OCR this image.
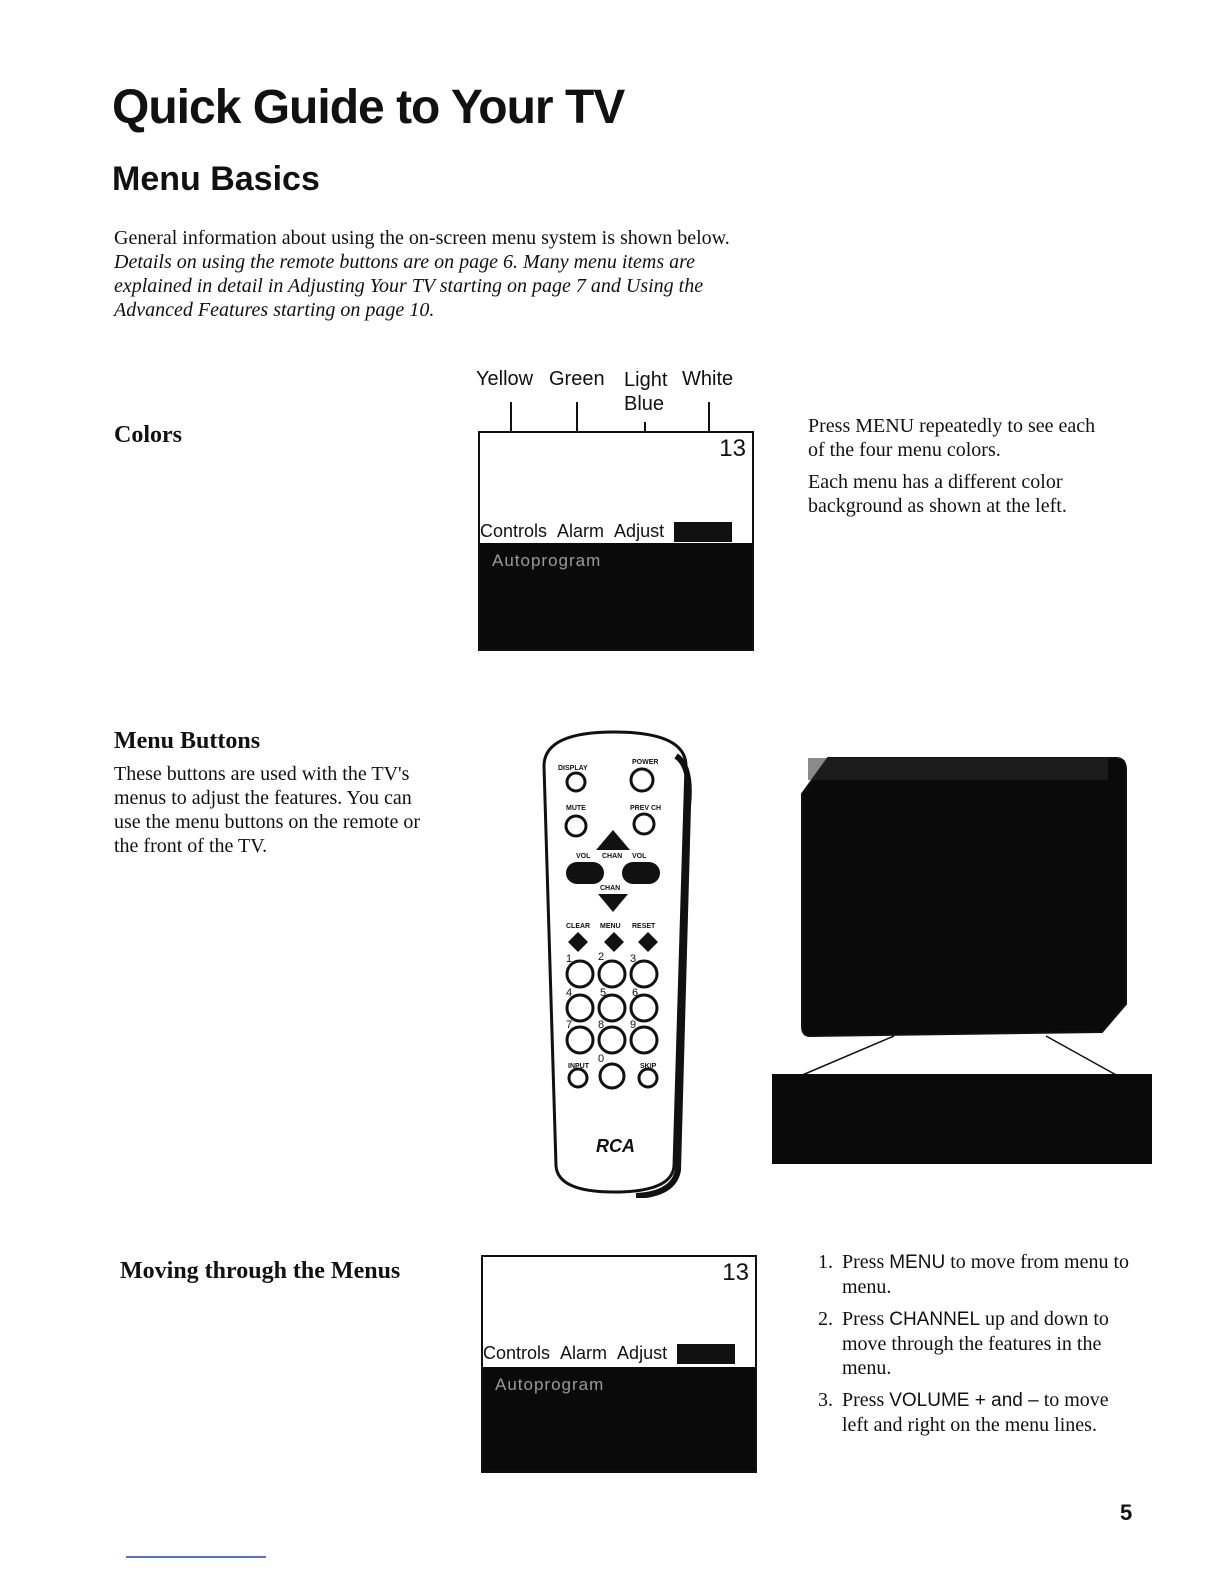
Quick Guide to Your TV
Menu Basics
General information about using the on-screen menu system is shown below. Details on using the remote buttons are on page 6. Many menu items are explained in detail in Adjusting Your TV starting on page 7 and Using the Advanced Features starting on page 10.
Colors
Yellow Green Light Blue
White
13
Controls Alarm Adjust
Autoprogram
Press MENU repeatedly to see each of the four menu colors.
Each menu has a different color background as shown at the left.
Menu Buttons
These buttons are used with the TV's menus to adjust the features. You can use the menu buttons on the remote or the front of the TV.
DISPLAY
POWER
MUTE	PREV CH
VOL CHAN VOL
CHAN
CLEAR MENU RESET
INPUT	SKIP
1 2 3
4	5 6
7 8 9
0
RCA
Moving through the Menus	13
Controls Alarm Adjust
Autoprogram
1. Press MENU to move from menu to menu.
2. Press CHANNEL up and down to move through the features in the menu.
3. Press VOLUME + and – to move left and right on the menu lines.
5
